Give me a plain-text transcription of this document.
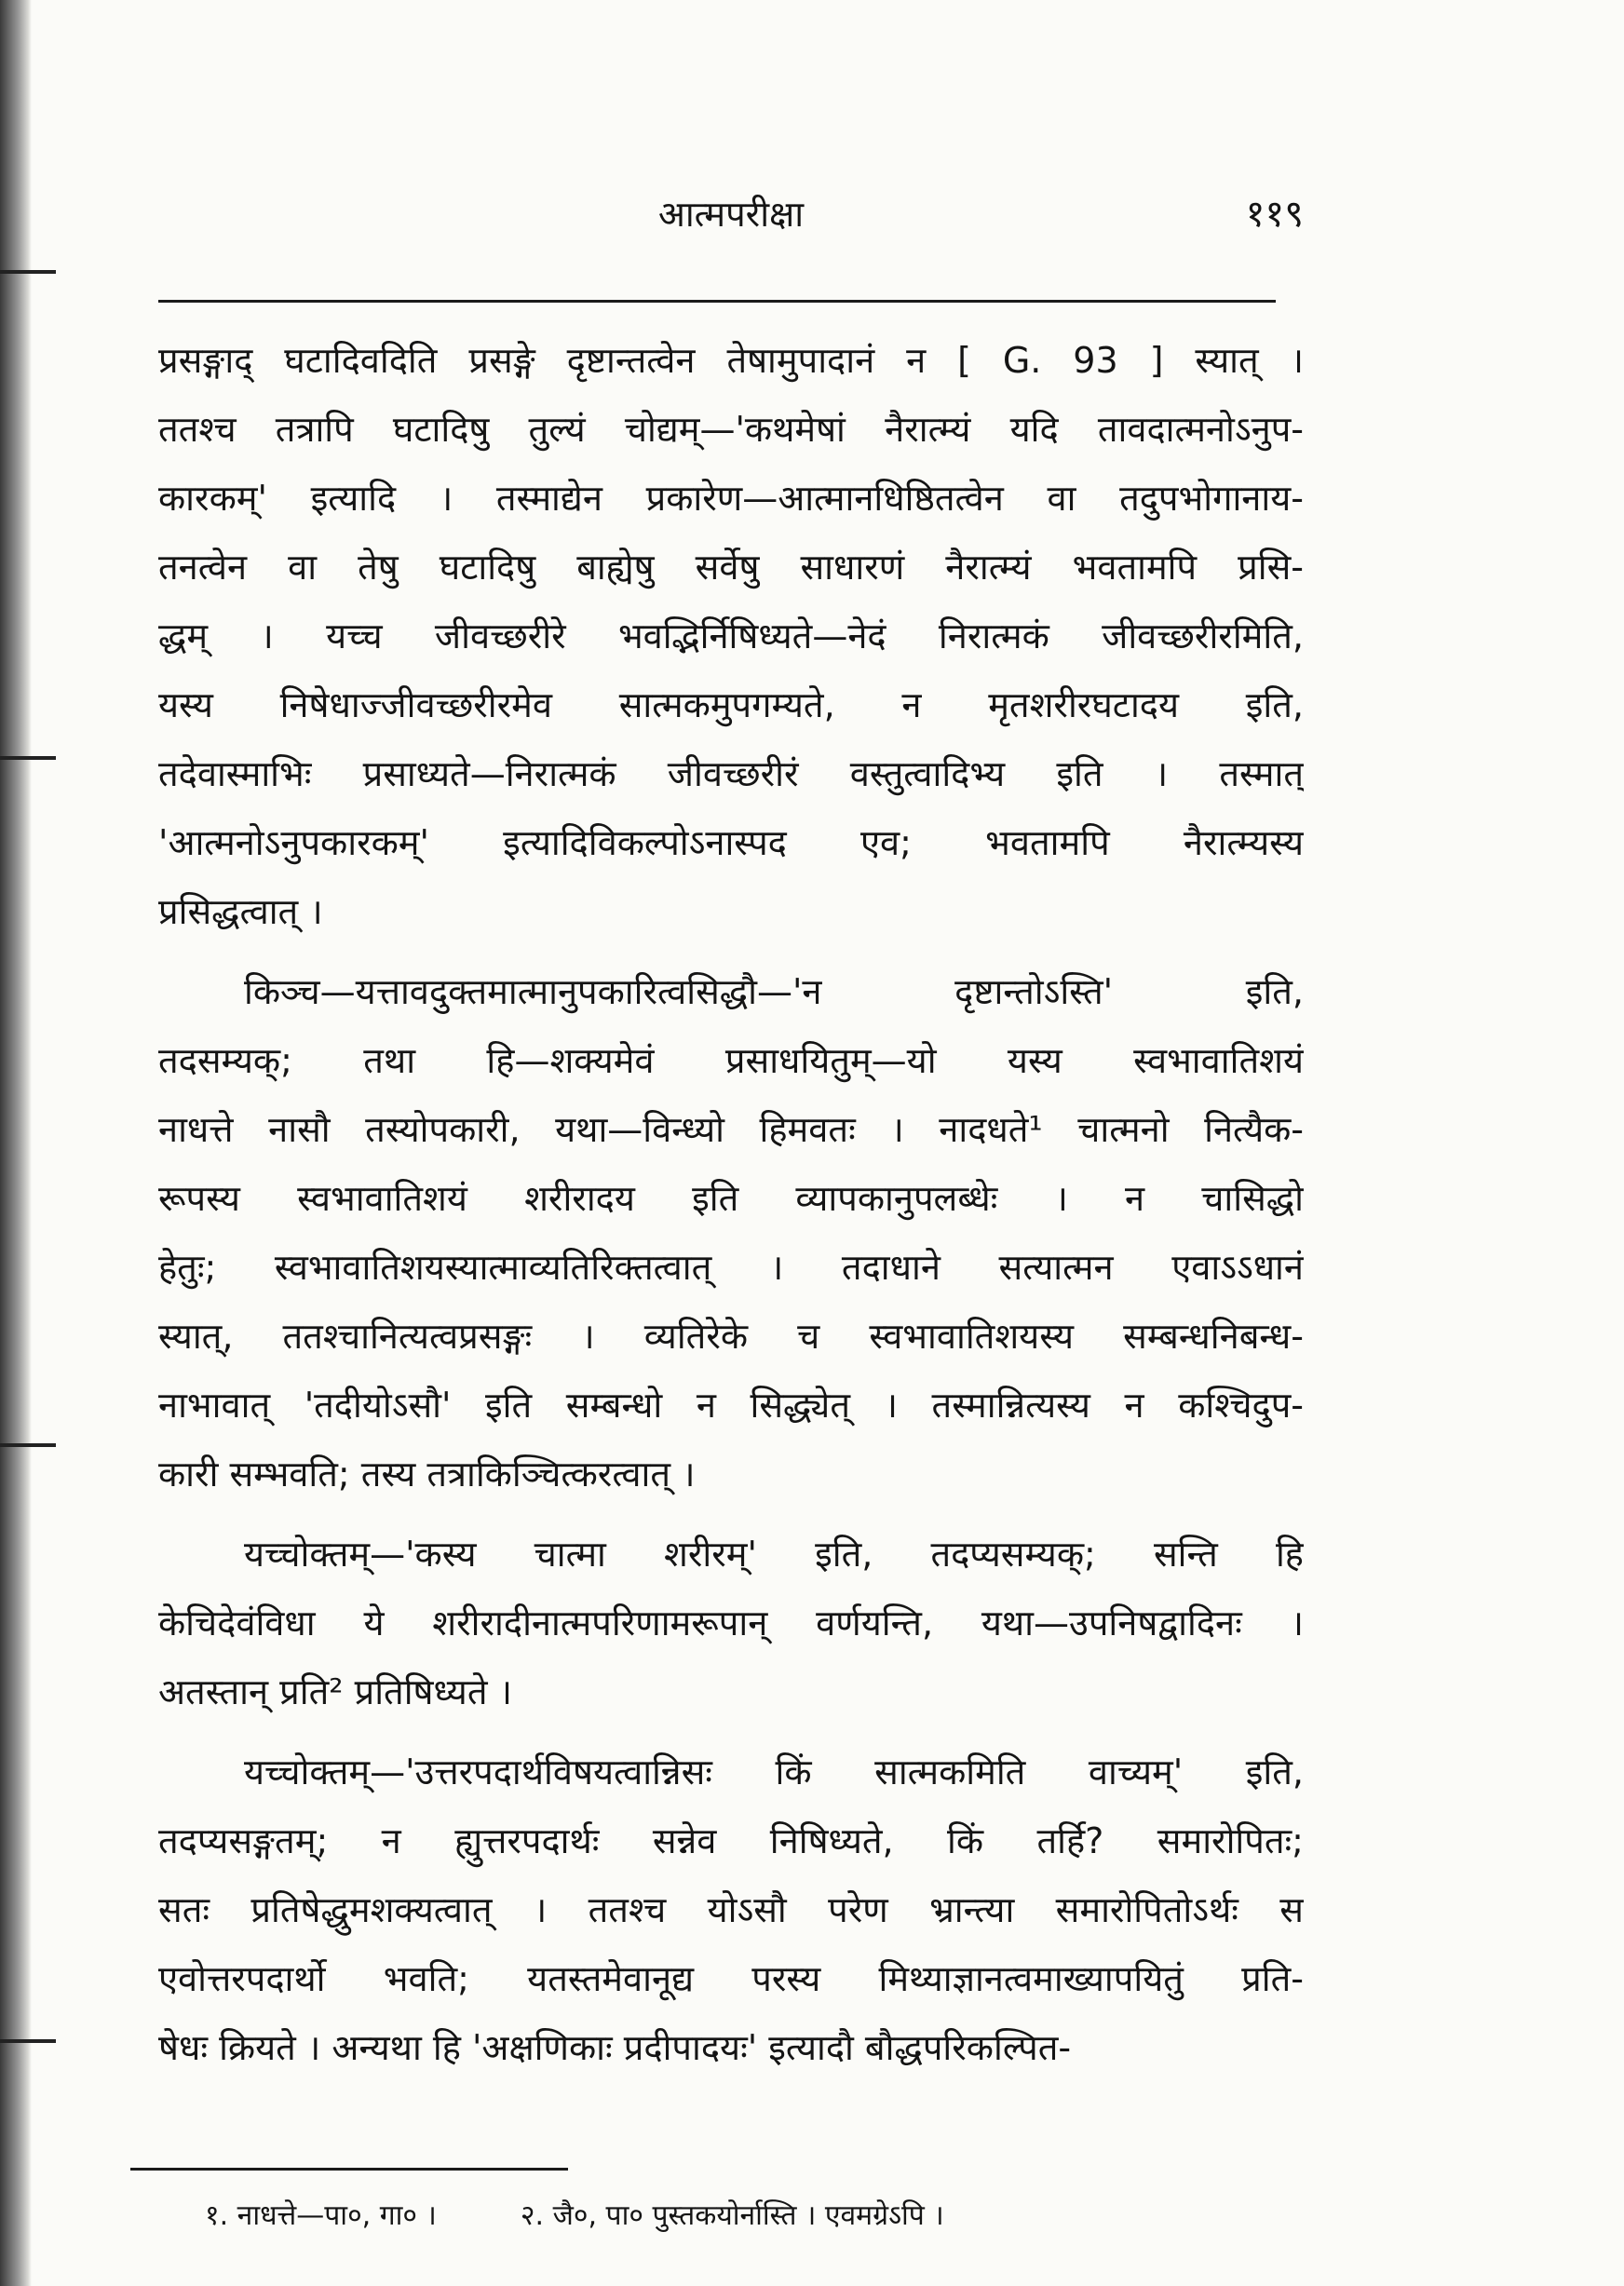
आत्मपरीक्षा	११९
प्रसङ्गाद् घटादिवदिति प्रसङ्गे दृष्टान्तत्वेन तेषामुपादानं न [ G. 93 ] स्यात् ।
ततश्च तत्रापि घटादिषु तुल्यं चोद्यम्—'कथमेषां नैरात्म्यं यदि तावदात्मनोऽनुप-
कारकम्' इत्यादि । तस्माद्येन प्रकारेण—आत्मानधिष्ठितत्वेन वा तदुपभोगानाय-
तनत्वेन वा तेषु घटादिषु बाह्येषु सर्वेषु साधारणं नैरात्म्यं भवतामपि प्रसि-
द्धम् । यच्च जीवच्छरीरे भवद्भिर्निषिध्यते—नेदं निरात्मकं जीवच्छरीरमिति,
यस्य निषेधाज्जीवच्छरीरमेव सात्मकमुपगम्यते, न मृतशरीरघटादय इति,
तदेवास्माभिः प्रसाध्यते—निरात्मकं जीवच्छरीरं वस्तुत्वादिभ्य इति । तस्मात्
'आत्मनोऽनुपकारकम्' इत्यादिविकल्पोऽनास्पद एव; भवतामपि नैरात्म्यस्य
प्रसिद्धत्वात् ।
किञ्च—यत्तावदुक्तमात्मानुपकारित्वसिद्धौ—'न दृष्टान्तोऽस्ति' इति,
तदसम्यक्; तथा हि—शक्यमेवं प्रसाधयितुम्—यो यस्य स्वभावातिशयं
नाधत्ते नासौ तस्योपकारी, यथा—विन्ध्यो हिमवतः । नादधते¹ चात्मनो नित्यैक-
रूपस्य स्वभावातिशयं शरीरादय इति व्यापकानुपलब्धेः । न चासिद्धो
हेतुः; स्वभावातिशयस्यात्माव्यतिरिक्तत्वात् । तदाधाने सत्यात्मन एवाऽऽधानं
स्यात्, ततश्चानित्यत्वप्रसङ्गः । व्यतिरेके च स्वभावातिशयस्य सम्बन्धनिबन्ध-
नाभावात् 'तदीयोऽसौ' इति सम्बन्धो न सिद्ध्येत् । तस्मान्नित्यस्य न कश्चिदुप-
कारी सम्भवति; तस्य तत्राकिञ्चित्करत्वात् ।
यच्चोक्तम्—'कस्य चात्मा शरीरम्' इति, तदप्यसम्यक्; सन्ति हि
केचिदेवंविधा ये शरीरादीनात्मपरिणामरूपान् वर्णयन्ति, यथा—उपनिषद्वादिनः ।
अतस्तान् प्रति² प्रतिषिध्यते ।
यच्चोक्तम्—'उत्तरपदार्थविषयत्वान्निसः किं सात्मकमिति वाच्यम्' इति,
तदप्यसङ्गतम्; न ह्युत्तरपदार्थः सन्नेव निषिध्यते, किं तर्हि? समारोपितः;
सतः प्रतिषेद्धुमशक्यत्वात् । ततश्च योऽसौ परेण भ्रान्त्या समारोपितोऽर्थः स
एवोत्तरपदार्थो भवति; यतस्तमेवानूद्य परस्य मिथ्याज्ञानत्वमाख्यापयितुं प्रति-
षेधः क्रियते । अन्यथा हि 'अक्षणिकाः प्रदीपादयः' इत्यादौ बौद्धपरिकल्पित-
१. नाधत्ते—पा०, गा० ।	२. जै०, पा० पुस्तकयोर्नास्ति । एवमग्रेऽपि ।
